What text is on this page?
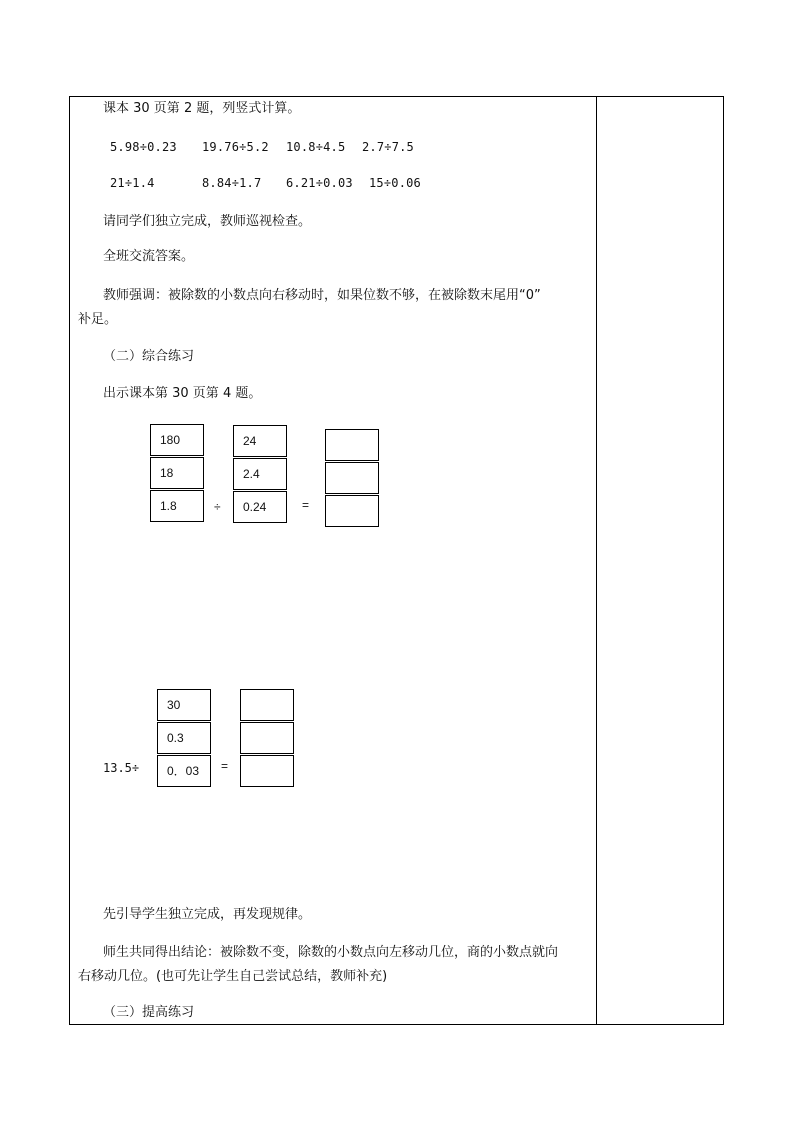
课本 30 页第 2 题，列竖式计算。
5.98÷0.23 19.76÷5.2 10.8÷4.5 2.7÷7.5
21÷1.4	8.84÷1.7 6.21÷0.03 15÷0.06
请同学们独立完成，教师巡视检查。
全班交流答案。
教师强调：被除数的小数点向右移动时，如果位数不够，在被除数末尾用“0”
补足。
（二）综合练习
出示课本第 30 页第 4 题。
180
18
1.8	÷
24
2.4
0.24	=
13.5÷
30
0.3
0．03	=
先引导学生独立完成，再发现规律。
师生共同得出结论：被除数不变，除数的小数点向左移动几位，商的小数点就向
右移动几位。(也可先让学生自己尝试总结，教师补充)
（三）提高练习
